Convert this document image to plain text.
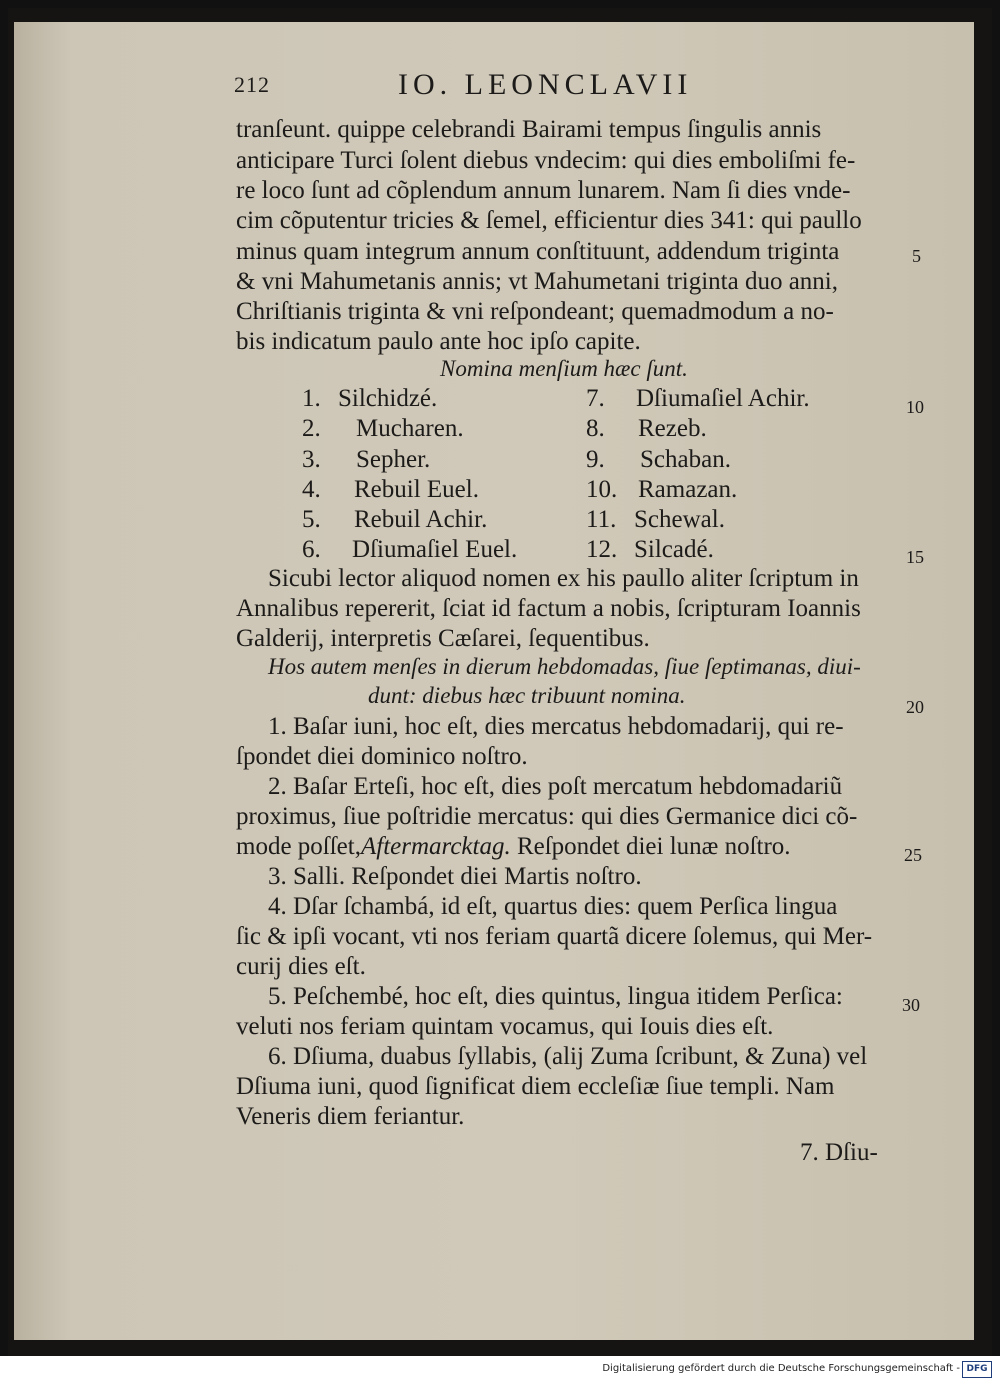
212	IO. LEONCLAVII
tranſeunt. quippe celebrandi Bairami tempus ſingulis annis
anticipare Turci ſolent diebus vndecim: qui dies emboliſmi fe-
re loco ſunt ad cõplendum annum lunarem. Nam ſi dies vnde-
cim cõputentur tricies & ſemel, efficientur dies 341: qui paullo
minus quam integrum annum conſtituunt, addendum triginta
& vni Mahumetanis annis; vt Mahumetani triginta duo anni,
Chriſtianis triginta & vni reſpondeant; quemadmodum a no-
bis indicatum paulo ante hoc ipſo capite.
Nomina menſium hæc ſunt.
1. Silchidzé.
2. Mucharen.
3. Sepher.
4. Rebuil Euel.
5. Rebuil Achir.
6. Dſiumaſiel Euel.
7. Dſiumaſiel Achir.
8. Rezeb.
9. Schaban.
10. Ramazan.
11. Schewal.
12. Silcadé.
Sicubi lector aliquod nomen ex his paullo aliter ſcriptum in
Annalibus repererit, ſciat id factum a nobis, ſcripturam Ioannis
Galderij, interpretis Cæſarei, ſequentibus.
Hos autem menſes in dierum hebdomadas, ſiue ſeptimanas, diui-
dunt: diebus hæc tribuunt nomina.
1. Baſar iuni, hoc eſt, dies mercatus hebdomadarij, qui re-
ſpondet diei dominico noſtro.
2. Baſar Erteſi, hoc eſt, dies poſt mercatum hebdomadariũ
proximus, ſiue poſtridie mercatus: qui dies Germanice dici cõ-
mode poſſet,Aftermarcktag. Reſpondet diei lunæ noſtro.
3. Salli. Reſpondet diei Martis noſtro.
4. Dſar ſchambá, id eſt, quartus dies: quem Perſica lingua
ſic & ipſi vocant, vti nos feriam quartã dicere ſolemus, qui Mer-
curij dies eſt.
5. Peſchembé, hoc eſt, dies quintus, lingua itidem Perſica:
veluti nos feriam quintam vocamus, qui Iouis dies eſt.
6. Dſiuma, duabus ſyllabis, (alij Zuma ſcribunt, & Zuna) vel
Dſiuma iuni, quod ſignificat diem eccleſiæ ſiue templi. Nam
Veneris diem feriantur.
7. Dſiu-
5
10
15
20
25
30
Digitalisierung gefördert durch die Deutsche Forschungsgemeinschaft - DFG
